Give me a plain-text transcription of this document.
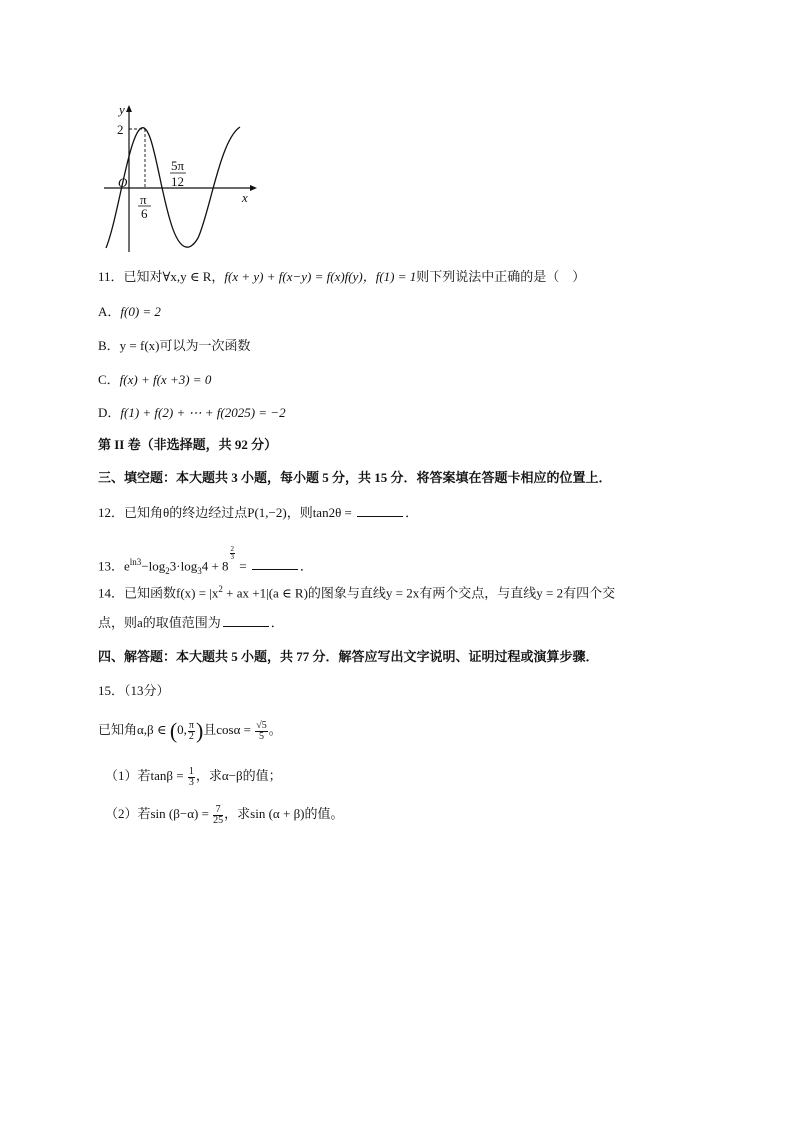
y
x
O
2
π
6
5π
12
11．已知对∀x,y ∈ R，f(x + y) + f(x−y) = f(x)f(y)，f(1) = 1则下列说法中正确的是（　）
A．f(0) = 2
B．y = f(x)可以为一次函数
C．f(x) + f(x +3) = 0
D．f(1) + f(2) + ⋯ + f(2025) = −2
第 II 卷（非选择题，共 92 分）
三、填空题：本大题共 3 小题，每小题 5 分，共 15 分．将答案填在答题卡相应的位置上．
12．已知角θ的终边经过点P(1,−2)，则tan2θ =	．
13．$e^{ln3}-\log_23\cdot\log_34 + 8$
$^{\frac{2}{3}}$
=	．
14．已知函数$f(x) = |x^2$ + ax +1|(a ∈ R)的图象与直线y = 2x有两个交点，与直线y = 2有四个交
点，则a的取值范围为	．
四、解答题：本大题共 5 小题，共 77 分．解答应写出文字说明、证明过程或演算步骤．
15．（13分）
已知角α,β ∈ (0, $\frac{\pi}{2}$ )且$\cos\alpha = \frac{√5}{5}$ 。
（1）若$\tan\beta = \frac{1}{3}$ ，求α−β的值；
（2）若$\sin (\beta-\alpha) = \frac{7}{25}$ ，求sin (α + β)的值。
